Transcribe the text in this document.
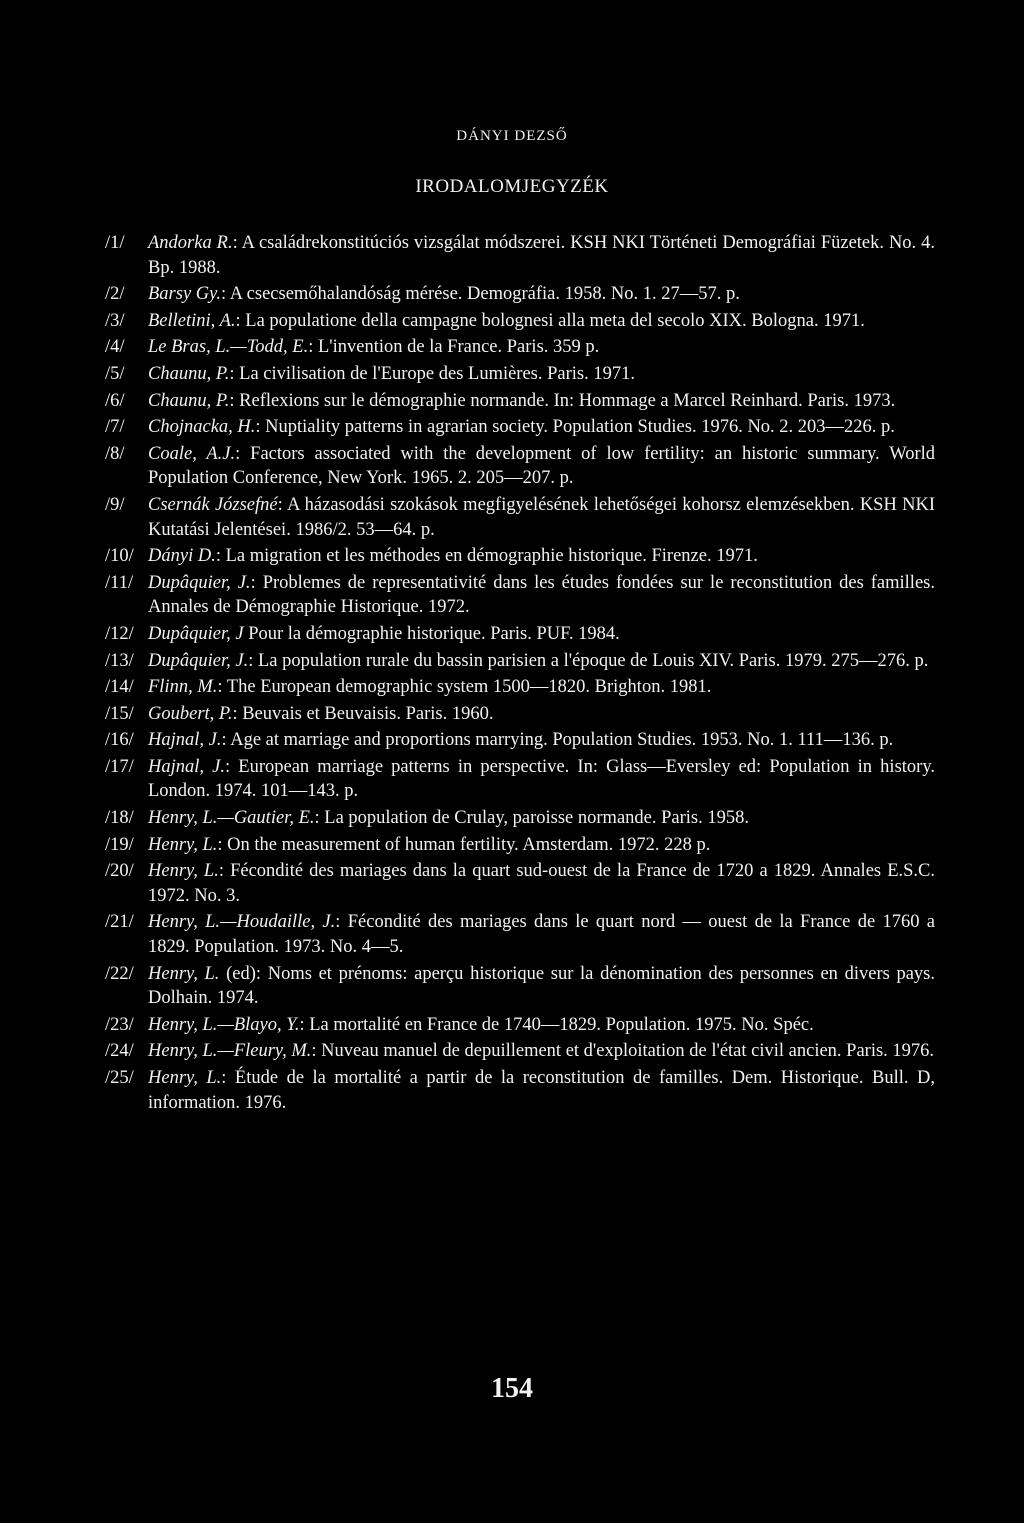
DÁNYI DEZSŐ
IRODALOMJEGYZÉK
/1/	Andorka R.: A családrekonstitúciós vizsgálat módszerei. KSH NKI Történeti Demográfiai Füzetek. No. 4. Bp. 1988.
/2/	Barsy Gy.: A csecsemőhalandóság mérése. Demográfia. 1958. No. 1. 27—57. p.
/3/	Belletini, A.: La populatione della campagne bolognesi alla meta del secolo XIX. Bologna. 1971.
/4/	Le Bras, L.—Todd, E.: L'invention de la France. Paris. 359 p.
/5/	Chaunu, P.: La civilisation de l'Europe des Lumières. Paris. 1971.
/6/	Chaunu, P.: Reflexions sur le démographie normande. In: Hommage a Marcel Reinhard. Paris. 1973.
/7/	Chojnacka, H.: Nuptiality patterns in agrarian society. Population Studies. 1976. No. 2. 203—226. p.
/8/	Coale, A.J.: Factors associated with the development of low fertility: an historic summary. World Population Conference, New York. 1965. 2. 205—207. p.
/9/	Csernák Józsefné: A házasodási szokások megfigyelésének lehetőségei kohorsz elemzésekben. KSH NKI Kutatási Jelentései. 1986/2. 53—64. p.
/10/ Dányi D.: La migration et les méthodes en démographie historique. Firenze. 1971.
/11/ Dupâquier, J.: Problemes de representativité dans les études fondées sur le reconstitution des familles. Annales de Démographie Historique. 1972.
/12/ Dupâquier, J Pour la démographie historique. Paris. PUF. 1984.
/13/ Dupâquier, J.: La population rurale du bassin parisien a l'époque de Louis XIV. Paris. 1979. 275—276. p.
/14/ Flinn, M.: The European demographic system 1500—1820. Brighton. 1981.
/15/ Goubert, P.: Beuvais et Beuvaisis. Paris. 1960.
/16/ Hajnal, J.: Age at marriage and proportions marrying. Population Studies. 1953. No. 1. 111—136. p.
/17/ Hajnal, J.: European marriage patterns in perspective. In: Glass—Eversley ed: Population in history. London. 1974. 101—143. p.
/18/ Henry, L.—Gautier, E.: La population de Crulay, paroisse normande. Paris. 1958.
/19/ Henry, L.: On the measurement of human fertility. Amsterdam. 1972. 228 p.
/20/ Henry, L.: Fécondité des mariages dans la quart sud-ouest de la France de 1720 a 1829. Annales E.S.C. 1972. No. 3.
/21/ Henry, L.—Houdaille, J.: Fécondité des mariages dans le quart nord — ouest de la France de 1760 a 1829. Population. 1973. No. 4—5.
/22/ Henry, L. (ed): Noms et prénoms: aperçu historique sur la dénomination des personnes en divers pays. Dolhain. 1974.
/23/ Henry, L.—Blayo, Y.: La mortalité en France de 1740—1829. Population. 1975. No. Spéc.
/24/ Henry, L.—Fleury, M.: Nuveau manuel de depuillement et d'exploitation de l'état civil ancien. Paris. 1976.
/25/ Henry, L.: Étude de la mortalité a partir de la reconstitution de familles. Dem. Historique. Bull. D, information. 1976.
154
